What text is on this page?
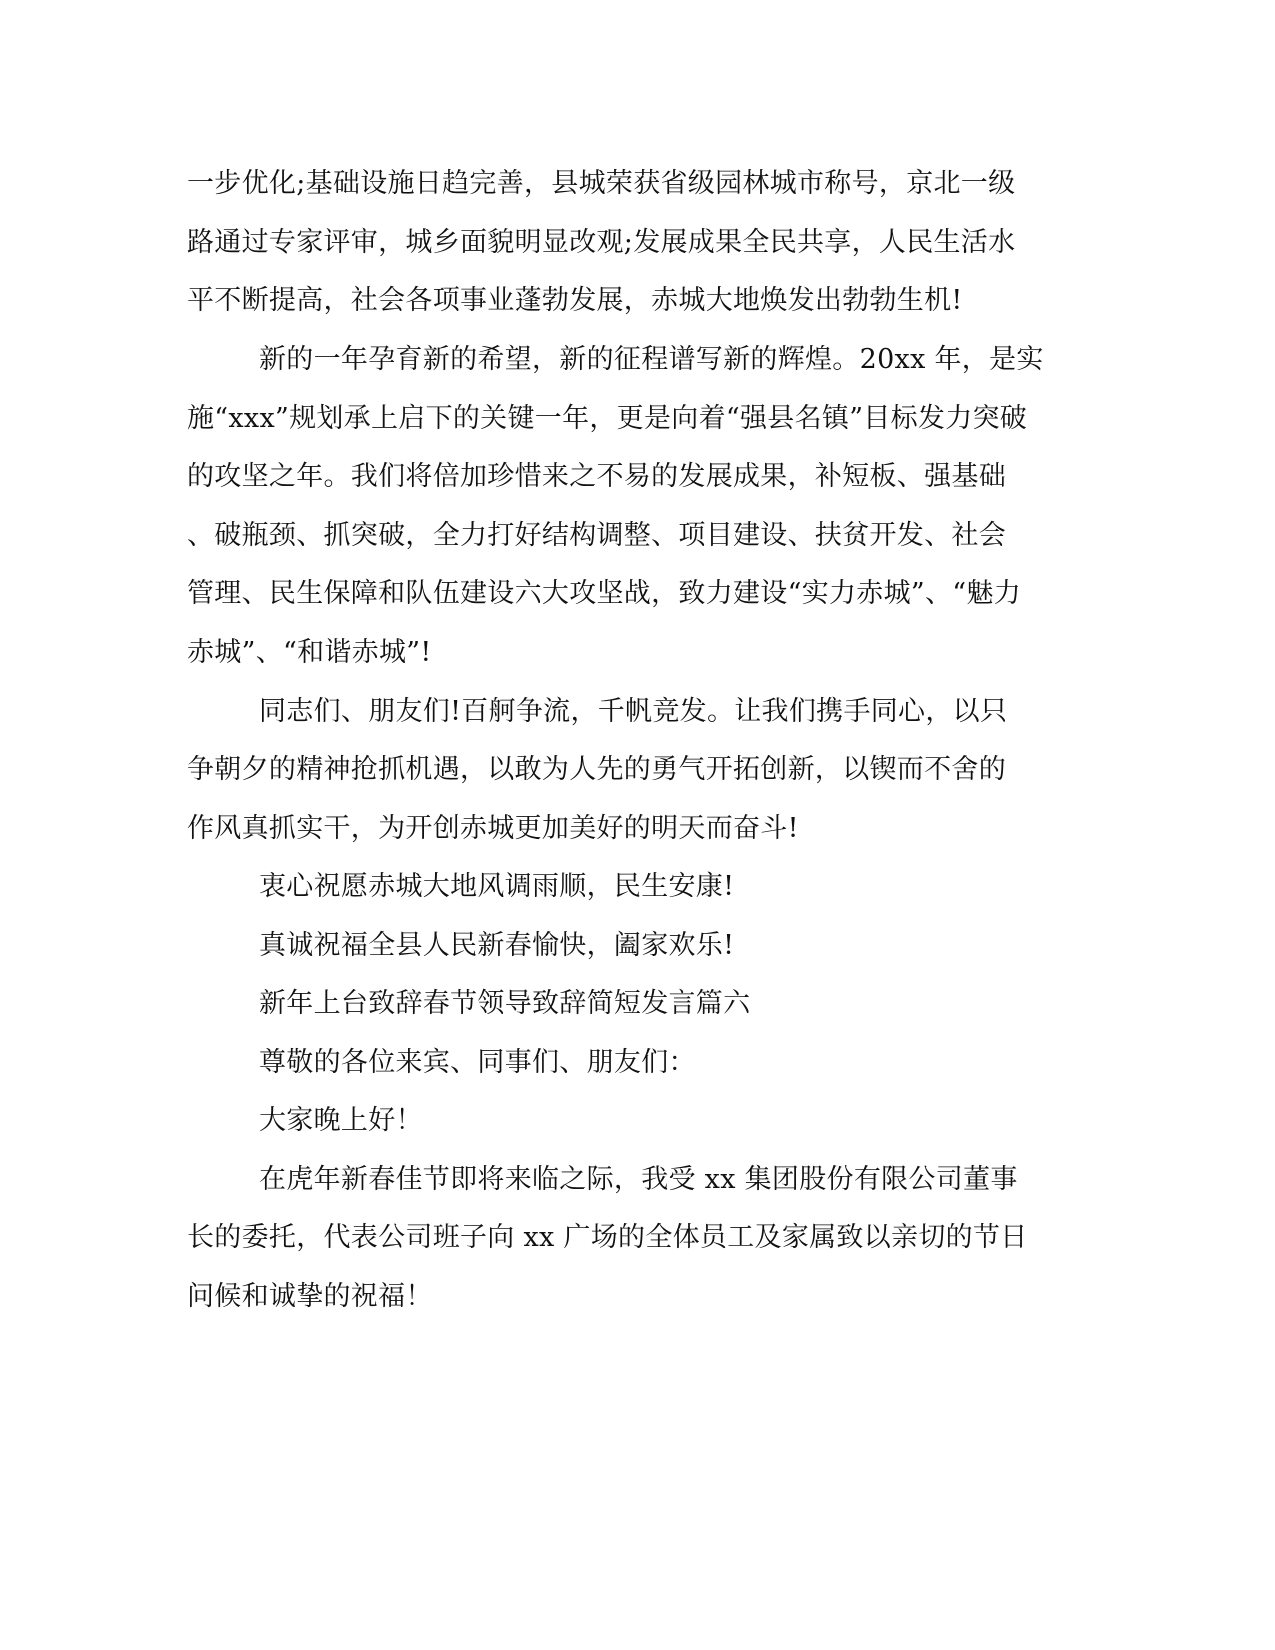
一步优化;基础设施日趋完善，县城荣获省级园林城市称号，京北一级
路通过专家评审，城乡面貌明显改观;发展成果全民共享，人民生活水
平不断提高，社会各项事业蓬勃发展，赤城大地焕发出勃勃生机!
新的一年孕育新的希望，新的征程谱写新的辉煌。20xx 年，是实
施“xxx”规划承上启下的关键一年，更是向着“强县名镇”目标发力突破
的攻坚之年。我们将倍加珍惜来之不易的发展成果，补短板、强基础
、破瓶颈、抓突破，全力打好结构调整、项目建设、扶贫开发、社会
管理、民生保障和队伍建设六大攻坚战，致力建设“实力赤城”、“魅力
赤城”、“和谐赤城”!
同志们、朋友们!百舸争流，千帆竞发。让我们携手同心，以只
争朝夕的精神抢抓机遇，以敢为人先的勇气开拓创新，以锲而不舍的
作风真抓实干，为开创赤城更加美好的明天而奋斗!
衷心祝愿赤城大地风调雨顺，民生安康!
真诚祝福全县人民新春愉快，阖家欢乐!
新年上台致辞春节领导致辞简短发言篇六
尊敬的各位来宾、同事们、朋友们：
大家晚上好！
在虎年新春佳节即将来临之际，我受 xx 集团股份有限公司董事
长的委托，代表公司班子向 xx 广场的全体员工及家属致以亲切的节日
问候和诚挚的祝福！
